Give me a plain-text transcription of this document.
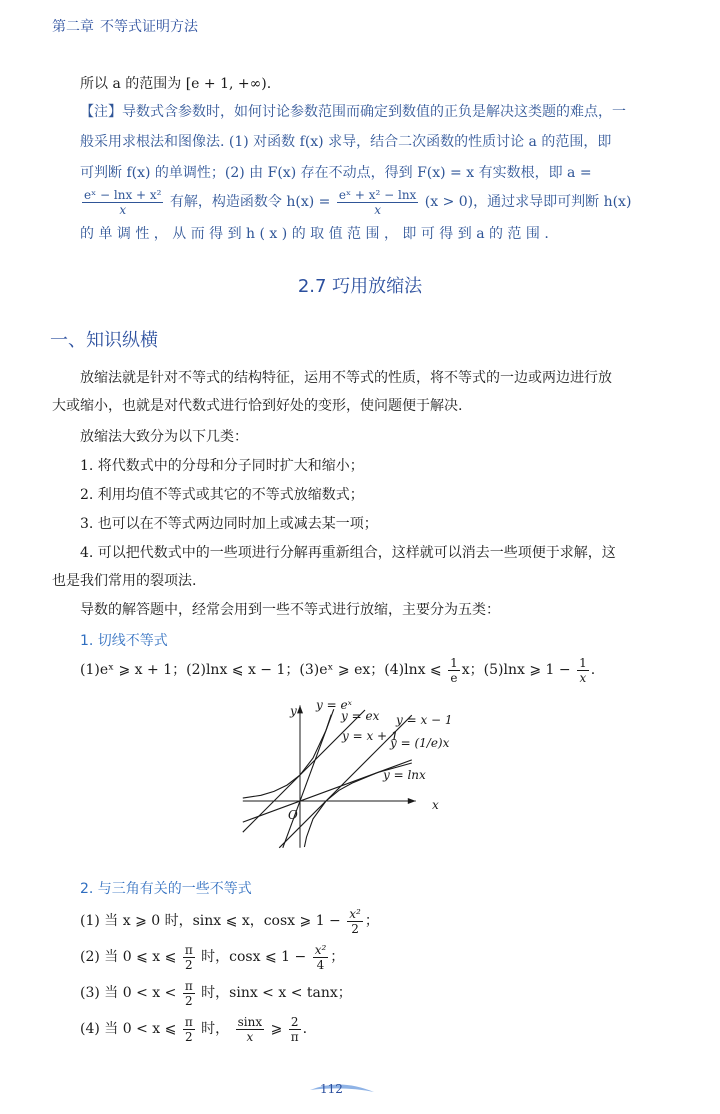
第二章 不等式证明方法
所以 a 的范围为 [e + 1, +∞).
【注】导数式含参数时，如何讨论参数范围而确定到数值的正负是解决这类题的难点，一
般采用求根法和图像法. (1) 对函数 f(x) 求导，结合二次函数的性质讨论 a 的范围，即
可判断 f(x) 的单调性；(2) 由 F(x) 存在不动点，得到 F(x) = x 有实数根，即 a =
$\frac{\text{eˣ − lnx + x²}}{x}$ 有解，构造函数令 $h(x) = \frac{\text{eˣ + x² − lnx}}{x} (x > 0)$，通过求导即可判断 h(x)
的 单 调 性 ， 从 而 得 到 h ( x ) 的 取 值 范 围 ， 即 可 得 到 a 的 范 围 .
2.7 巧用放缩法
一、知识纵横
放缩法就是针对不等式的结构特征，运用不等式的性质，将不等式的一边或两边进行放
大或缩小，也就是对代数式进行恰到好处的变形，使问题便于解决.
放缩法大致分为以下几类：
1. 将代数式中的分母和分子同时扩大和缩小；
2. 利用均值不等式或其它的不等式放缩数式；
3. 也可以在不等式两边同时加上或减去某一项；
4. 可以把代数式中的一些项进行分解再重新组合，这样就可以消去一些项便于求解，这
也是我们常用的裂项法.
导数的解答题中，经常会用到一些不等式进行放缩，主要分为五类：
1. 切线不等式
(1)eˣ ⩾ x + 1；(2)lnx ⩽ x − 1；(3)eˣ ⩾ ex；(4)lnx ⩽ $\frac{1}{e}$ x；(5)lnx ⩾ $1 - \frac{1}{x}$ .
y = eˣ
y = ex
y = x + 1
y = x − 1
y = (1/e)x
y = lnx
y
x
O
2. 与三角有关的一些不等式
(1) 当 x ⩾ 0 时，sinx ⩽ x，cosx ⩾ $1 - \frac{\text{x²}}{2}$ ；
(2) 当 0 ⩽ x ⩽ $\frac{\pi}{2}$ 时，cosx ⩽ $1 - \frac{\text{x²}}{4}$ ；
(3) 当 $0 < x < \frac{\pi}{2}$ 时，sinx < x < tanx；
(4) 当 0 < x ⩽ $\frac{\pi}{2}$ 时， $\frac{\sin x}{x}$ ⩾ $\frac{2}{\pi}$ .
112
